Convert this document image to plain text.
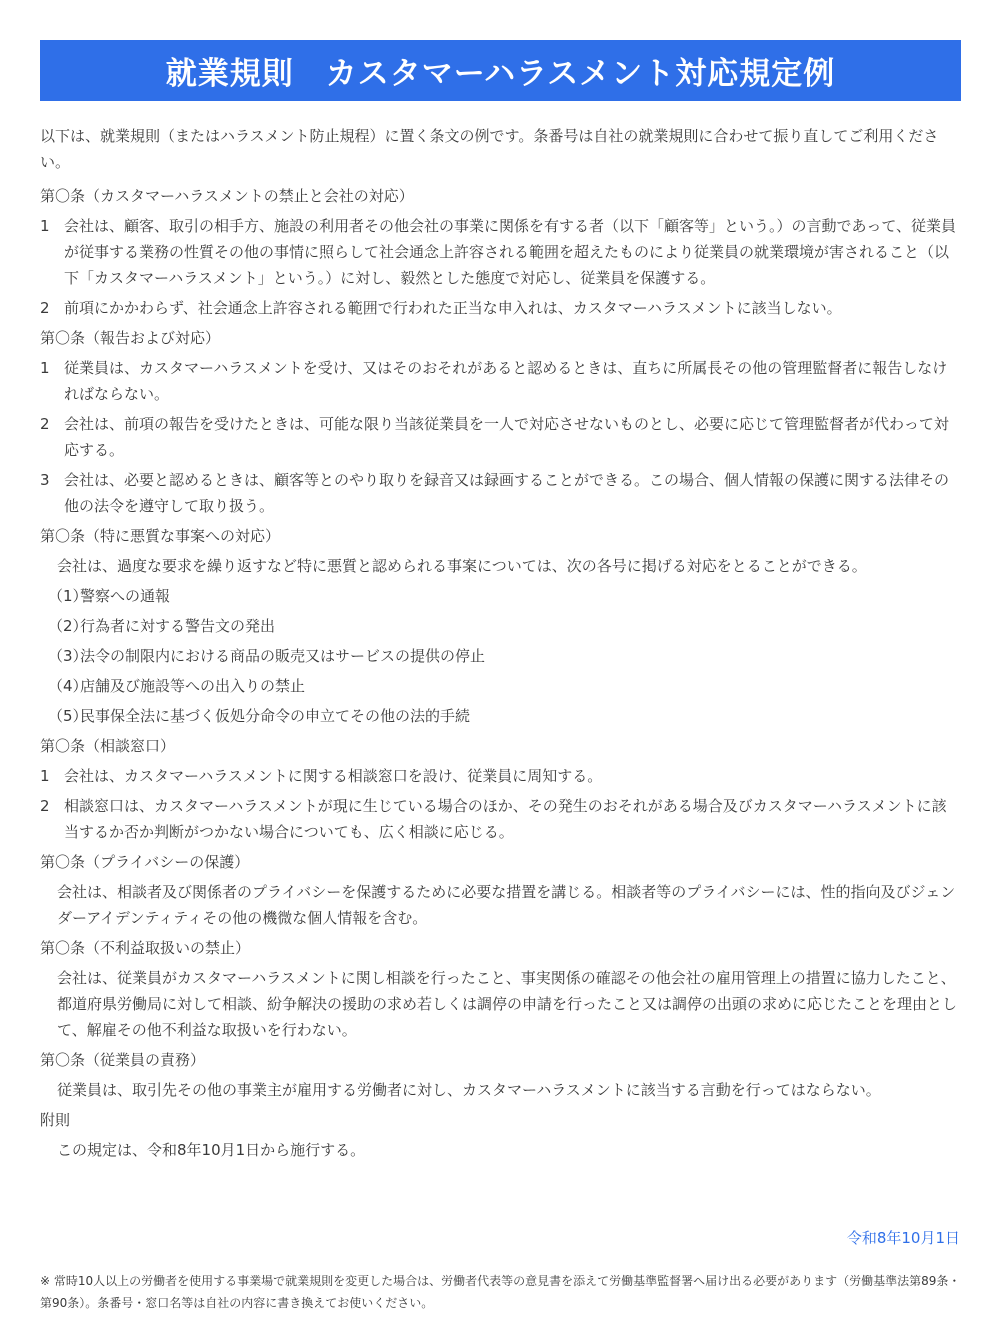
就業規則　カスタマーハラスメント対応規定例

以下は、就業規則（またはハラスメント防止規程）に置く条文の例です。条番号は自社の就業規則に合わせて振り直してご利用ください。

第〇条（カスタマーハラスメントの禁止と会社の対応）
1 会社は、顧客、取引の相手方、施設の利用者その他会社の事業に関係を有する者（以下「顧客等」という。）の言動であって、従業員が従事する業務の性質その他の事情に照らして社会通念上許容される範囲を超えたものにより従業員の就業環境が害されること（以下「カスタマーハラスメント」という。）に対し、毅然とした態度で対応し、従業員を保護する。
2 前項にかかわらず、社会通念上許容される範囲で行われた正当な申入れは、カスタマーハラスメントに該当しない。
第〇条（報告および対応）
1 従業員は、カスタマーハラスメントを受け、又はそのおそれがあると認めるときは、直ちに所属長その他の管理監督者に報告しなければならない。
2 会社は、前項の報告を受けたときは、可能な限り当該従業員を一人で対応させないものとし、必要に応じて管理監督者が代わって対応する。
3 会社は、必要と認めるときは、顧客等とのやり取りを録音又は録画することができる。この場合、個人情報の保護に関する法律その他の法令を遵守して取り扱う。
第〇条（特に悪質な事案への対応）
会社は、過度な要求を繰り返すなど特に悪質と認められる事案については、次の各号に掲げる対応をとることができる。
（1）警察への通報
（2）行為者に対する警告文の発出
（3）法令の制限内における商品の販売又はサービスの提供の停止
（4）店舗及び施設等への出入りの禁止
（5）民事保全法に基づく仮処分命令の申立てその他の法的手続
第〇条（相談窓口）
1 会社は、カスタマーハラスメントに関する相談窓口を設け、従業員に周知する。
2 相談窓口は、カスタマーハラスメントが現に生じている場合のほか、その発生のおそれがある場合及びカスタマーハラスメントに該当するか否か判断がつかない場合についても、広く相談に応じる。
第〇条（プライバシーの保護）
会社は、相談者及び関係者のプライバシーを保護するために必要な措置を講じる。相談者等のプライバシーには、性的指向及びジェンダーアイデンティティその他の機微な個人情報を含む。
第〇条（不利益取扱いの禁止）
会社は、従業員がカスタマーハラスメントに関し相談を行ったこと、事実関係の確認その他会社の雇用管理上の措置に協力したこと、都道府県労働局に対して相談、紛争解決の援助の求め若しくは調停の申請を行ったこと又は調停の出頭の求めに応じたことを理由として、解雇その他不利益な取扱いを行わない。
第〇条（従業員の責務）
従業員は、取引先その他の事業主が雇用する労働者に対し、カスタマーハラスメントに該当する言動を行ってはならない。
附則
この規定は、令和8年10月1日から施行する。
令和8年10月1日
※ 常時10人以上の労働者を使用する事業場で就業規則を変更した場合は、労働者代表等の意見書を添えて労働基準監督署へ届け出る必要があります（労働基準法第89条・第90条）。条番号・窓口名等は自社の内容に書き換えてお使いください。
